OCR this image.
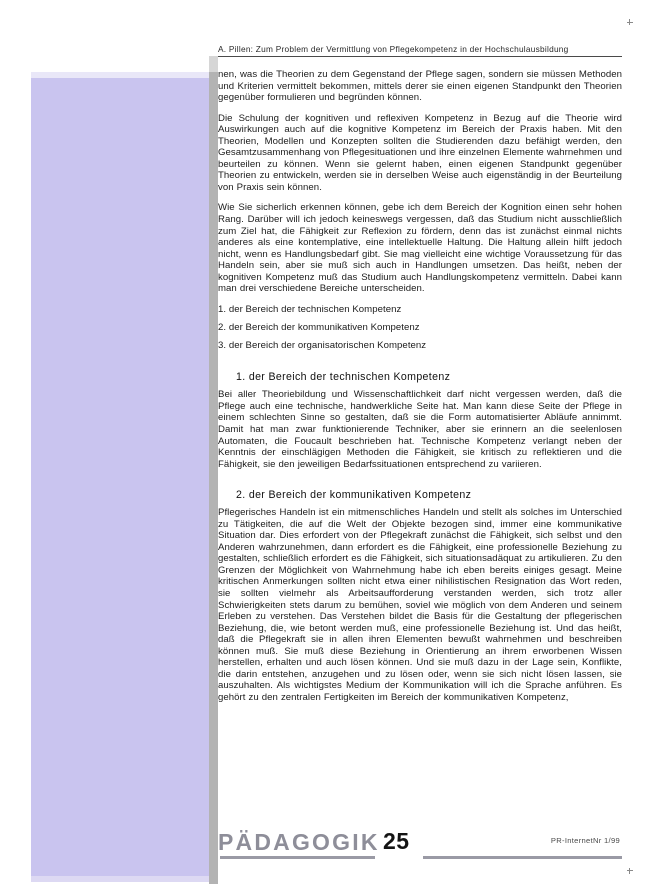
A. Pillen: Zum Problem der Vermittlung von Pflegekompetenz in der Hochschulausbildung

nen, was die Theorien zu dem Gegenstand der Pflege sagen, sondern sie müssen Methoden und Kriterien vermittelt bekommen, mittels derer sie einen eigenen Standpunkt den Theorien gegenüber formulieren und begründen können.

Die Schulung der kognitiven und reflexiven Kompetenz in Bezug auf die Theorie wird Auswirkungen auch auf die kognitive Kompetenz im Bereich der Praxis haben. Mit den Theorien, Modellen und Konzepten sollten die Studierenden dazu befähigt werden, den Gesamtzusammenhang von Pflegesituationen und ihre einzelnen Elemente wahrnehmen und beurteilen zu können. Wenn sie gelernt haben, einen eigenen Standpunkt gegenüber Theorien zu entwickeln, werden sie in derselben Weise auch eigenständig in der Beurteilung von Praxis sein können.

Wie Sie sicherlich erkennen können, gebe ich dem Bereich der Kognition einen sehr hohen Rang. Darüber will ich jedoch keineswegs vergessen, daß das Studium nicht ausschließlich zum Ziel hat, die Fähigkeit zur Reflexion zu fördern, denn das ist zunächst einmal nichts anderes als eine kontemplative, eine intellektuelle Haltung. Die Haltung allein hilft jedoch nicht, wenn es Handlungsbedarf gibt. Sie mag vielleicht eine wichtige Voraussetzung für das Handeln sein, aber sie muß sich auch in Handlungen umsetzen. Das heißt, neben der kognitiven Kompetenz muß das Studium auch Handlungskompetenz vermitteln. Dabei kann man drei verschiedene Bereiche unterscheiden.

1. der Bereich der technischen Kompetenz
2. der Bereich der kommunikativen Kompetenz
3. der Bereich der organisatorischen Kompetenz
1. der Bereich der technischen Kompetenz

Bei aller Theoriebildung und Wissenschaftlichkeit darf nicht vergessen werden, daß die Pflege auch eine technische, handwerkliche Seite hat. Man kann diese Seite der Pflege in einem schlechten Sinne so gestalten, daß sie die Form automatisierter Abläufe annimmt. Damit hat man zwar funktionierende Techniker, aber sie erinnern an die seelenlosen Automaten, die Foucault beschrieben hat. Technische Kompetenz verlangt neben der Kenntnis der einschlägigen Methoden die Fähigkeit, sie kritisch zu reflektieren und die Fähigkeit, sie den jeweiligen Bedarfssituationen entsprechend zu variieren.

2. der Bereich der kommunikativen Kompetenz

Pflegerisches Handeln ist ein mitmenschliches Handeln und stellt als solches im Unterschied zu Tätigkeiten, die auf die Welt der Objekte bezogen sind, immer eine kommunikative Situation dar. Dies erfordert von der Pflegekraft zunächst die Fähigkeit, sich selbst und den Anderen wahrzunehmen, dann erfordert es die Fähigkeit, eine professionelle Beziehung zu gestalten, schließlich erfordert es die Fähigkeit, sich situationsadäquat zu artikulieren. Zu den Grenzen der Möglichkeit von Wahrnehmung habe ich eben bereits einiges gesagt. Meine kritischen Anmerkungen sollten nicht etwa einer nihilistischen Resignation das Wort reden, sie sollten vielmehr als Arbeitsaufforderung verstanden werden, sich trotz aller Schwierigkeiten stets darum zu bemühen, soviel wie möglich von dem Anderen und seinem Erleben zu verstehen. Das Verstehen bildet die Basis für die Gestaltung der pflegerischen Beziehung, die, wie betont werden muß, eine professionelle Beziehung ist. Und das heißt, daß die Pflegekraft sie in allen ihren Elementen bewußt wahrnehmen und beschreiben können muß. Sie muß diese Beziehung in Orientierung an ihrem erworbenen Wissen herstellen, erhalten und auch lösen können. Und sie muß dazu in der Lage sein, Konflikte, die darin entstehen, anzugehen und zu lösen oder, wenn sie sich nicht lösen lassen, sie auszuhalten. Als wichtigstes Medium der Kommunikation will ich die Sprache anführen. Es gehört zu den zentralen Fertigkeiten im Bereich der kommunikativen Kompetenz,

PÄDAGOGIK 25	PR-InternetNr 1/99
